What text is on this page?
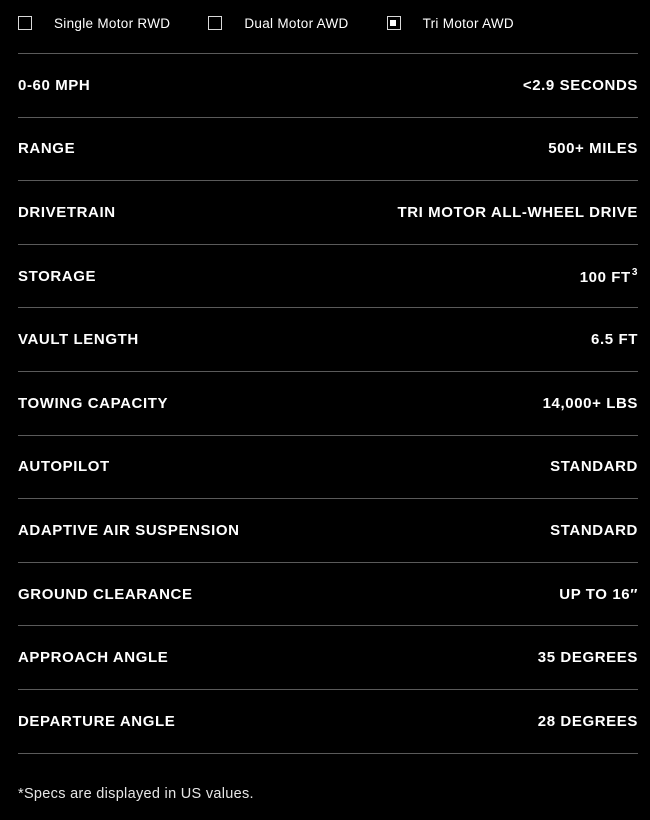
Single Motor RWD	Dual Motor AWD	Tri Motor AWD
0-60 MPH	<2.9 SECONDS
RANGE	500+ MILES
DRIVETRAIN	TRI MOTOR ALL-WHEEL DRIVE
STORAGE	100 $FT^3$
VAULT LENGTH	6.5 FT
TOWING CAPACITY	14,000+ LBS
AUTOPILOT	STANDARD
ADAPTIVE AIR SUSPENSION	STANDARD
GROUND CLEARANCE	UP TO 16″
APPROACH ANGLE	35 DEGREES
DEPARTURE ANGLE	28 DEGREES
*Specs are displayed in US values.
